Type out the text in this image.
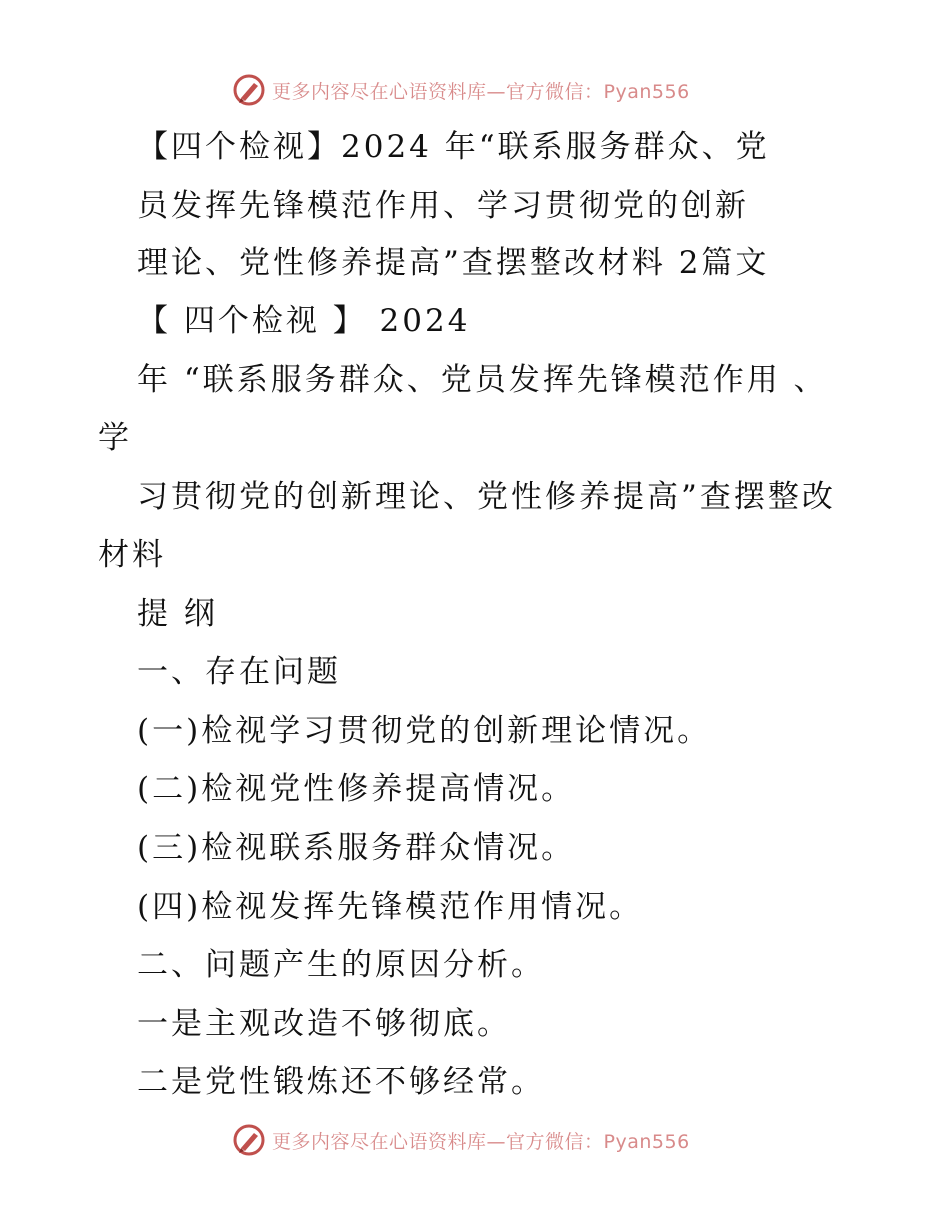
更多内容尽在心语资料库—官方微信：Pyan556
【四个检视】2024 年“联系服务群众、党
员发挥先锋模范作用、学习贯彻党的创新
理论、党性修养提高”查摆整改材料 2篇文
【 四个检视 】 2024
年 “联系服务群众、党员发挥先锋模范作用 、
学
习贯彻党的创新理论、党性修养提高”查摆整改
材料
提 纲
一、存在问题
(一)检视学习贯彻党的创新理论情况。
(二)检视党性修养提高情况。
(三)检视联系服务群众情况。
(四)检视发挥先锋模范作用情况。
二、问题产生的原因分析。
一是主观改造不够彻底。
二是党性锻炼还不够经常。
更多内容尽在心语资料库—官方微信：Pyan556
